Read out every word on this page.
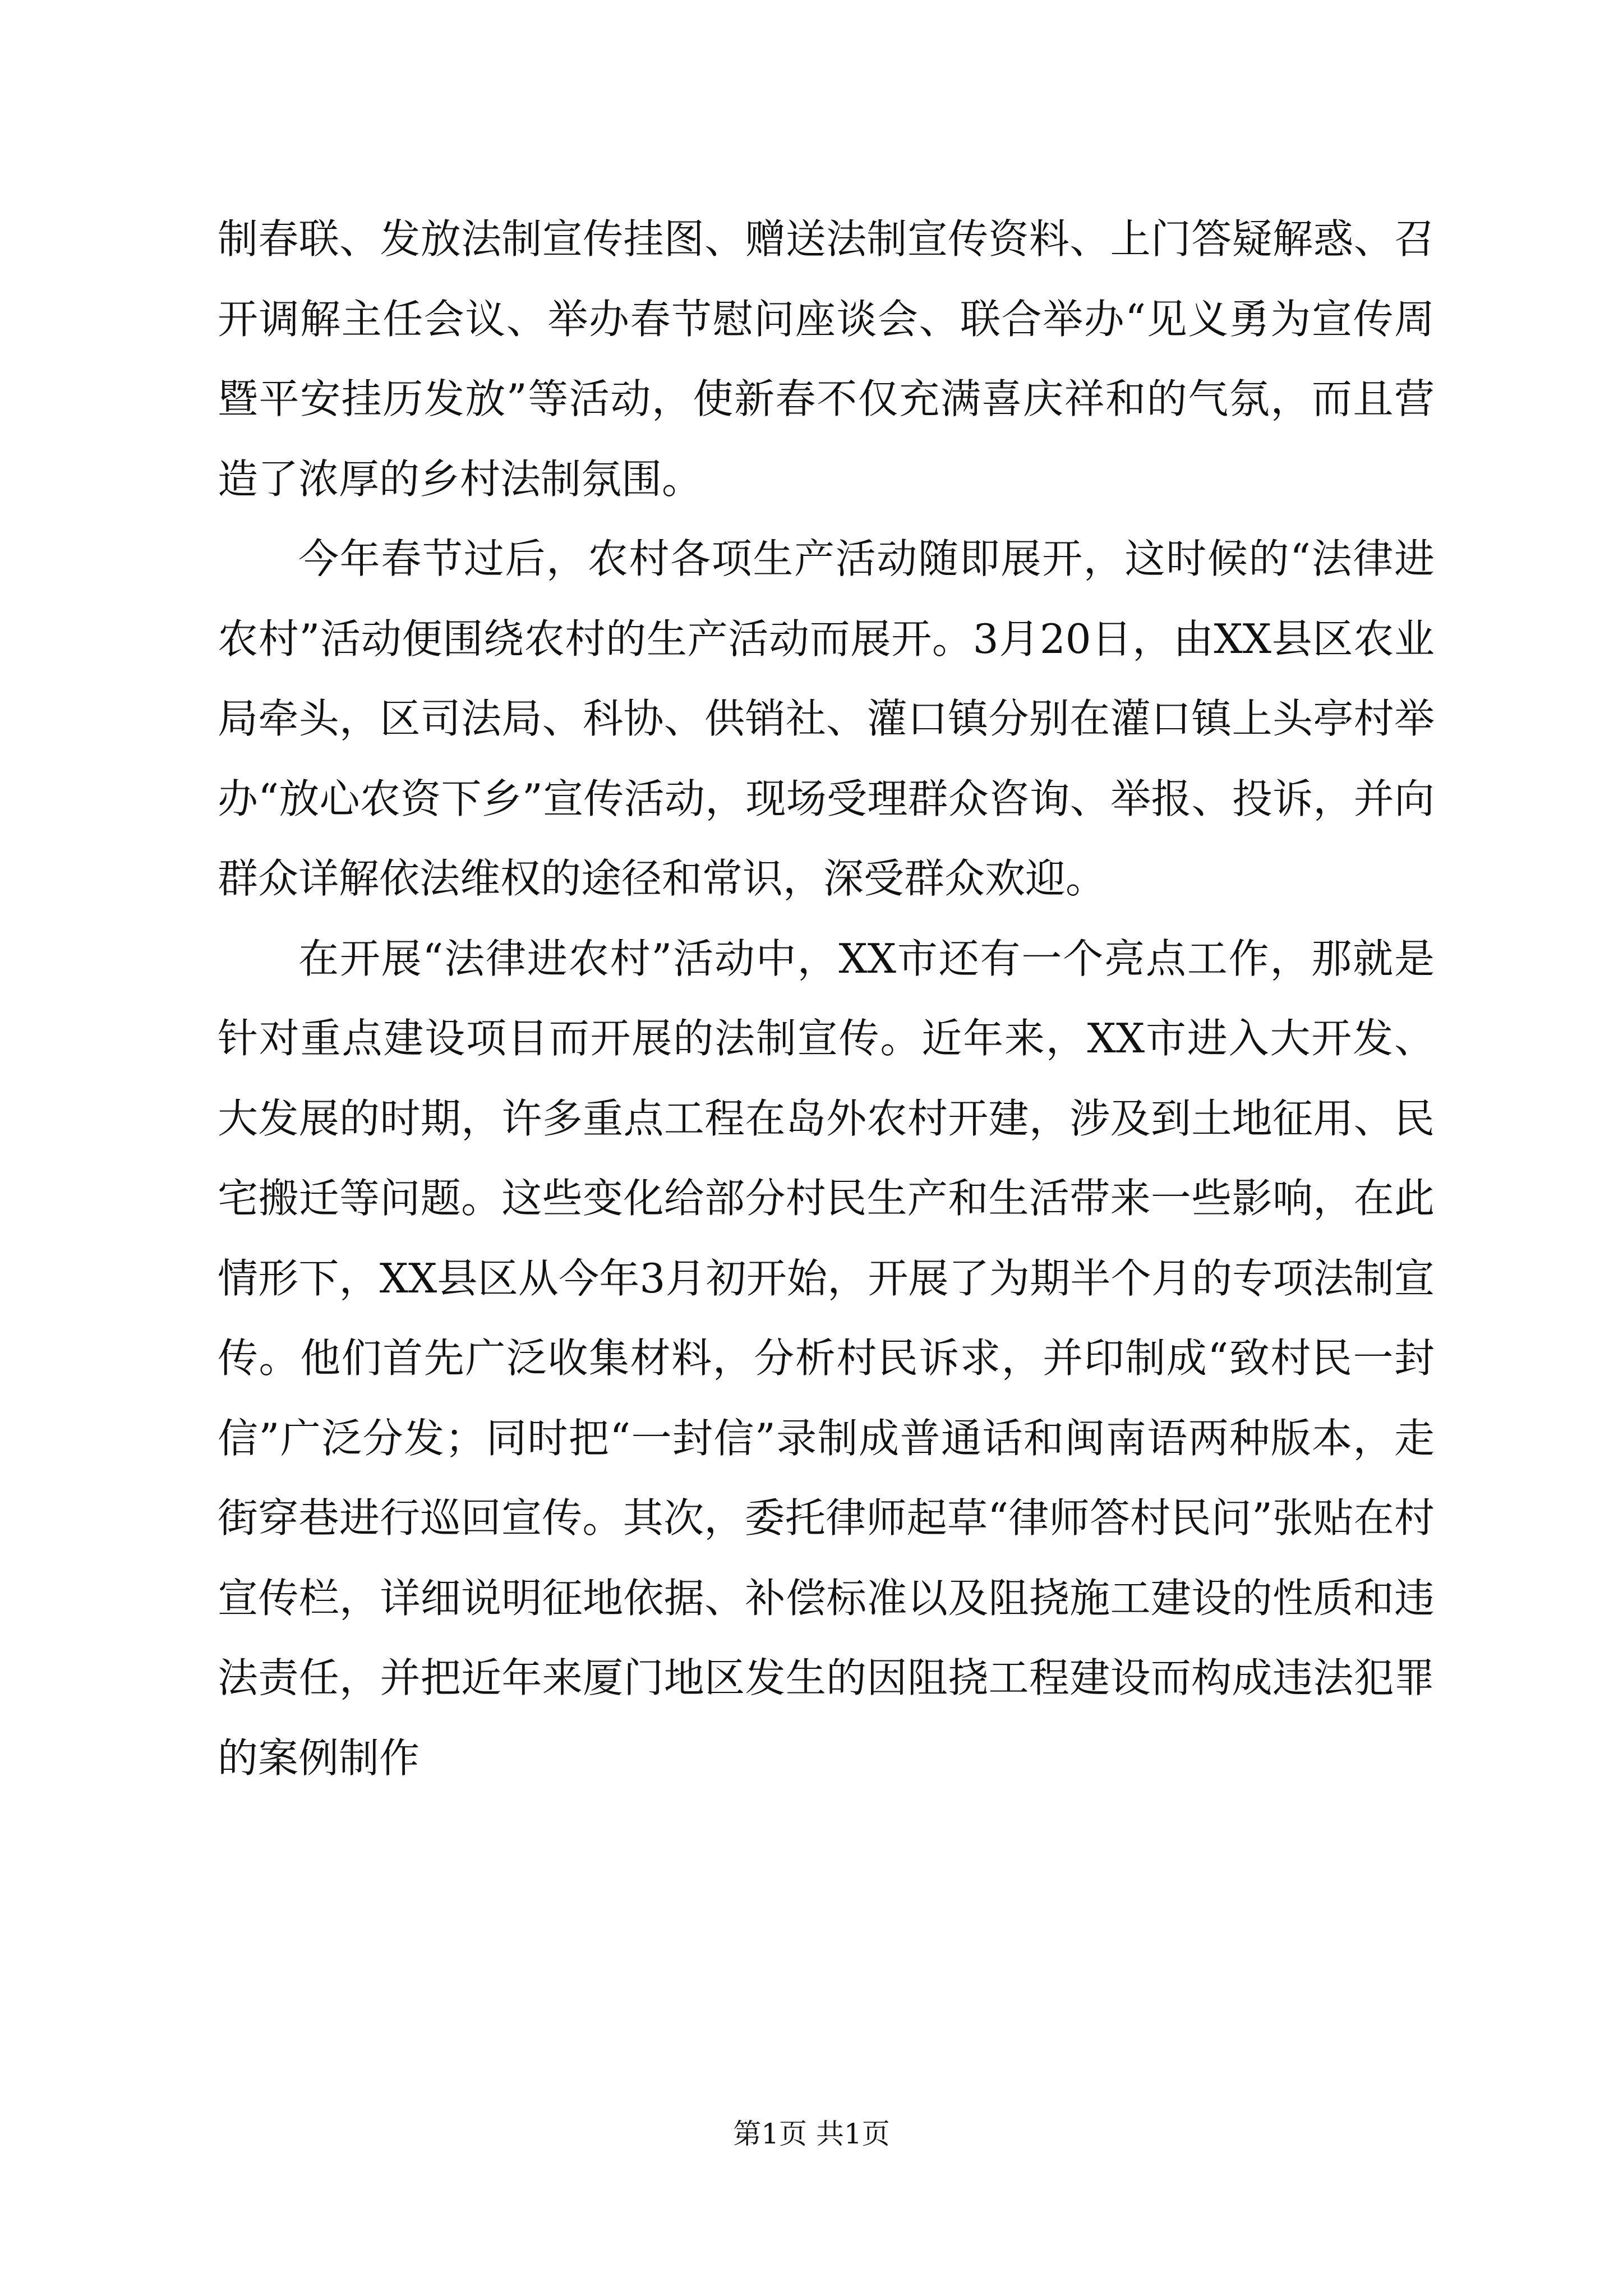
制春联、发放法制宣传挂图、赠送法制宣传资料、上门答疑解惑、召开调解主任会议、举办春节慰问座谈会、联合举办“见义勇为宣传周暨平安挂历发放”等活动，使新春不仅充满喜庆祥和的气氛，而且营造了浓厚的乡村法制氛围。

今年春节过后，农村各项生产活动随即展开，这时候的“法律进农村”活动便围绕农村的生产活动而展开。3月20日，由XX县区农业局牵头，区司法局、科协、供销社、灌口镇分别在灌口镇上头亭村举办“放心农资下乡”宣传活动，现场受理群众咨询、举报、投诉，并向群众详解依法维权的途径和常识，深受群众欢迎。

在开展“法律进农村”活动中，XX市还有一个亮点工作，那就是针对重点建设项目而开展的法制宣传。近年来，XX市进入大开发、大发展的时期，许多重点工程在岛外农村开建，涉及到土地征用、民宅搬迁等问题。这些变化给部分村民生产和生活带来一些影响，在此情形下，XX县区从今年3月初开始，开展了为期半个月的专项法制宣传。他们首先广泛收集材料，分析村民诉求，并印制成“致村民一封信”广泛分发；同时把“一封信”录制成普通话和闽南语两种版本，走街穿巷进行巡回宣传。其次，委托律师起草“律师答村民问”张贴在村宣传栏，详细说明征地依据、补偿标准以及阻挠施工建设的性质和违法责任，并把近年来厦门地区发生的因阻挠工程建设而构成违法犯罪的案例制作

第1页 共1页
